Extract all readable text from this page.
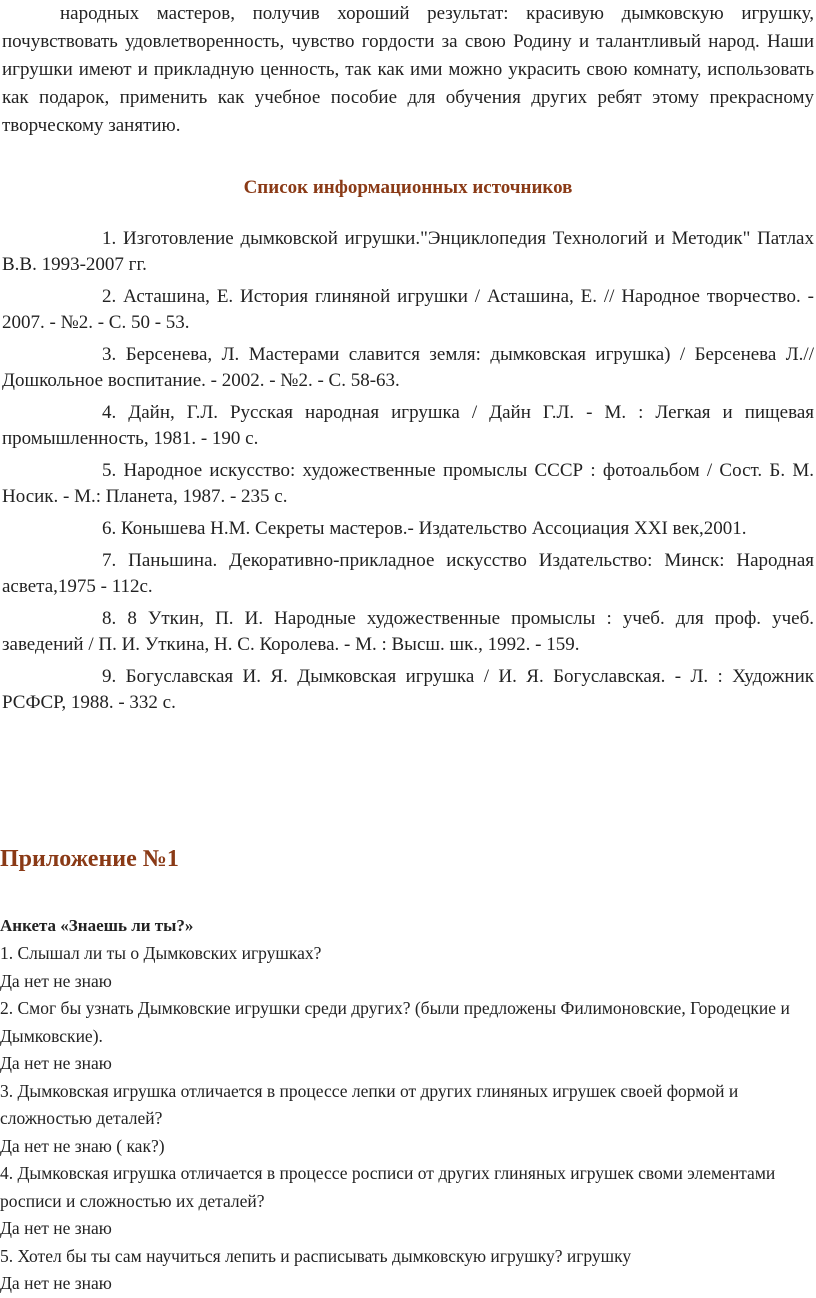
народных мастеров, получив хороший результат: красивую дымковскую игрушку, почувствовать удовлетворенность, чувство гордости за свою Родину и талантливый народ. Наши игрушки имеют и прикладную ценность, так как ими можно украсить свою комнату, использовать как подарок, применить как учебное пособие для обучения других ребят этому прекрасному творческому занятию.

Список информационных источников
1. Изготовление дымковской игрушки."Энциклопедия Технологий и Методик" Патлах В.В. 1993-2007 гг.
2. Асташина, Е. История глиняной игрушки / Асташина, Е. // Народное творчество. - 2007. - №2. - С. 50 - 53.
3. Берсенева, Л. Мастерами славится земля: дымковская игрушка) / Берсенева Л.// Дошкольное воспитание. - 2002. - №2. - С. 58-63.
4. Дайн, Г.Л. Русская народная игрушка / Дайн Г.Л. - М. : Легкая и пищевая промышленность, 1981. - 190 с.
5. Народное искусство: художественные промыслы СССР : фотоальбом / Сост. Б. М. Носик. - М.: Планета, 1987. - 235 с.
6. Конышева Н.М. Секреты мастеров.- Издательство Ассоциация XXI век,2001.
7. Паньшина. Декоративно-прикладное искусство Издательство: Минск: Народная асвета,1975 - 112с.
8. 8 Уткин, П. И. Народные художественные промыслы : учеб. для проф. учеб. заведений / П. И. Уткина, Н. С. Королева. - М. : Высш. шк., 1992. - 159.
9. Богуславская И. Я. Дымковская игрушка / И. Я. Богуславская. - Л. : Художник РСФСР, 1988. - 332 с.
Приложение №1
Анкета «Знаешь ли ты?»
1. Слышал ли ты о Дымковских игрушках?
Да нет не знаю
2. Смог бы узнать Дымковские игрушки среди других? (были предложены Филимоновские, Городецкие и Дымковские).
Да нет не знаю
3. Дымковская игрушка отличается в процессе лепки от других глиняных игрушек своей формой и сложностью деталей?
Да нет не знаю ( как?)
4. Дымковская игрушка отличается в процессе росписи от других глиняных игрушек своми элементами росписи и сложностью их деталей?
Да нет не знаю
5. Хотел бы ты сам научиться лепить и расписывать дымковскую игрушку? игрушку
Да нет не знаю
